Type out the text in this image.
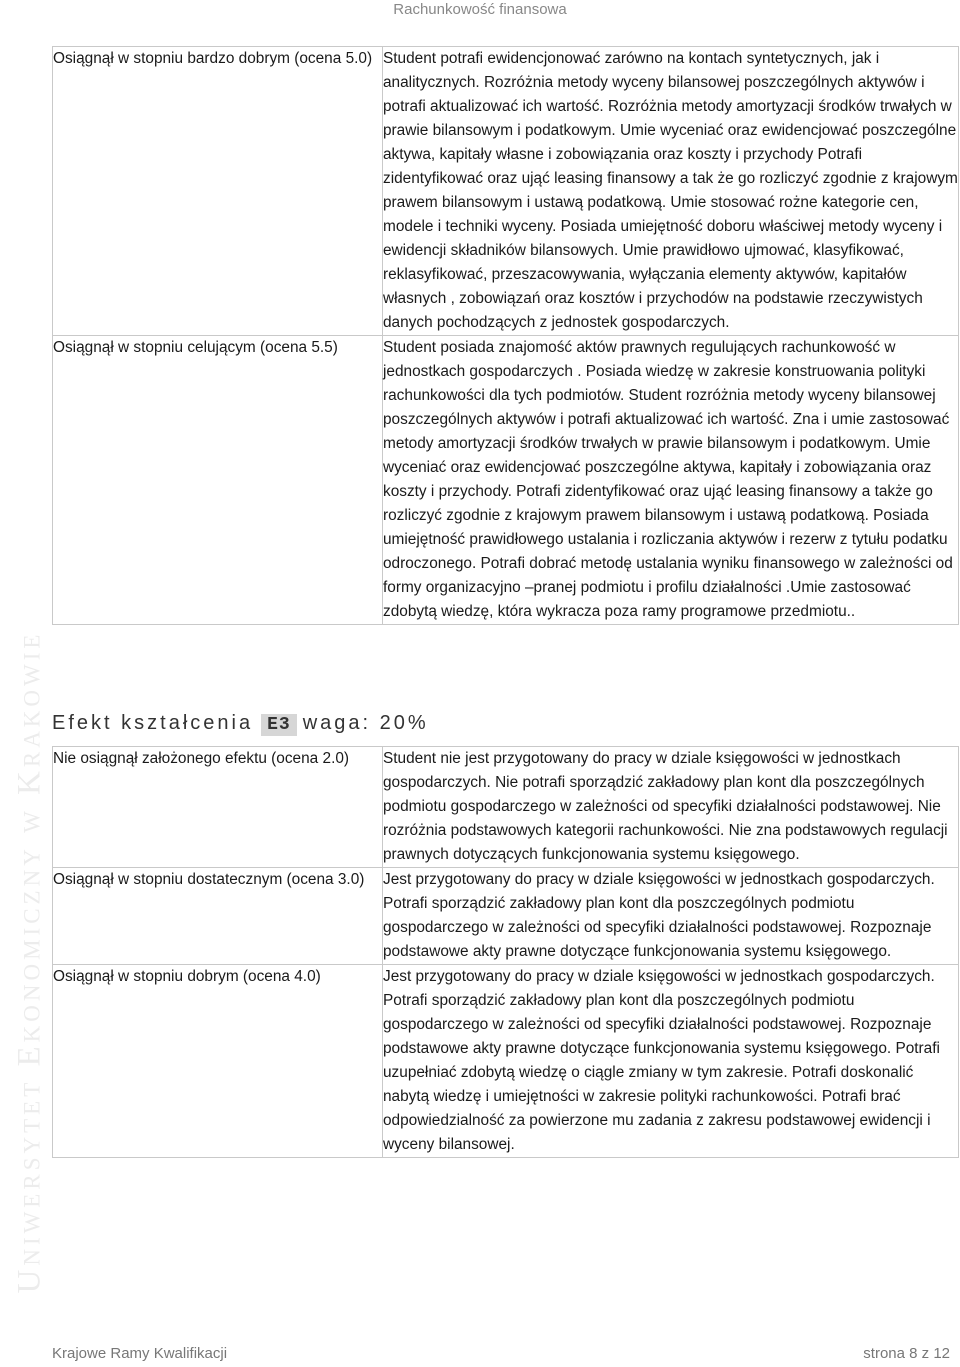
Rachunkowość finansowa
Uniwersytet Ekonomiczny w Krakowie
Osiągnął w stopniu bardzo dobrym (ocena 5.0)	Student potrafi ewidencjonować zarówno na kontach syntetycznych, jak i analitycznych. Rozróżnia metody wyceny bilansowej poszczególnych aktywów i potrafi aktualizować ich wartość. Rozróżnia metody amortyzacji środków trwałych w prawie bilansowym i podatkowym. Umie wyceniać oraz ewidencjować poszczególne aktywa, kapitały własne i zobowiązania oraz koszty i przychody Potrafi zidentyfikować oraz ująć leasing finansowy a tak że go rozliczyć zgodnie z krajowym prawem bilansowym i ustawą podatkową. Umie stosować rożne kategorie cen, modele i techniki wyceny. Posiada umiejętność doboru właściwej metody wyceny i ewidencji składników bilansowych. Umie prawidłowo ujmować, klasyfikować, reklasyfikować, przeszacowywania, wyłączania elementy aktywów, kapitałów własnych , zobowiązań oraz kosztów i przychodów na podstawie rzeczywistych danych pochodzących z jednostek gospodarczych.
Osiągnął w stopniu celującym (ocena 5.5)	Student posiada znajomość aktów prawnych regulujących rachunkowość w jednostkach gospodarczych . Posiada wiedzę w zakresie konstruowania polityki rachunkowości dla tych podmiotów. Student rozróżnia metody wyceny bilansowej poszczególnych aktywów i potrafi aktualizować ich wartość. Zna i umie zastosować metody amortyzacji środków trwałych w prawie bilansowym i podatkowym. Umie wyceniać oraz ewidencjować poszczególne aktywa, kapitały i zobowiązania oraz koszty i przychody. Potrafi zidentyfikować oraz ująć leasing finansowy a także go rozliczyć zgodnie z krajowym prawem bilansowym i ustawą podatkową. Posiada umiejętność prawidłowego ustalania i rozliczania aktywów i rezerw z tytułu podatku odroczonego. Potrafi dobrać metodę ustalania wyniku finansowego w zależności od formy organizacyjno –pranej podmiotu i profilu działalności .Umie zastosować zdobytą wiedzę, która wykracza poza ramy programowe przedmiotu..
Efekt kształcenia E3 waga: 20%
Nie osiągnął założonego efektu (ocena 2.0)	Student nie jest przygotowany do pracy w dziale księgowości w jednostkach gospodarczych. Nie potrafi sporządzić zakładowy plan kont dla poszczególnych podmiotu gospodarczego w zależności od specyfiki działalności podstawowej. Nie rozróżnia podstawowych kategorii rachunkowości. Nie zna podstawowych regulacji prawnych dotyczących funkcjonowania systemu księgowego.
Osiągnął w stopniu dostatecznym (ocena 3.0)	Jest przygotowany do pracy w dziale księgowości w jednostkach gospodarczych. Potrafi sporządzić zakładowy plan kont dla poszczególnych podmiotu gospodarczego w zależności od specyfiki działalności podstawowej. Rozpoznaje podstawowe akty prawne dotyczące funkcjonowania systemu księgowego.
Osiągnął w stopniu dobrym (ocena 4.0)	Jest przygotowany do pracy w dziale księgowości w jednostkach gospodarczych. Potrafi sporządzić zakładowy plan kont dla poszczególnych podmiotu gospodarczego w zależności od specyfiki działalności podstawowej. Rozpoznaje podstawowe akty prawne dotyczące funkcjonowania systemu księgowego. Potrafi uzupełniać zdobytą wiedzę o ciągle zmiany w tym zakresie. Potrafi doskonalić nabytą wiedzę i umiejętności w zakresie polityki rachunkowości. Potrafi brać odpowiedzialność za powierzone mu zadania z zakresu podstawowej ewidencji i wyceny bilansowej.
Krajowe Ramy Kwalifikacji	strona 8 z 12
